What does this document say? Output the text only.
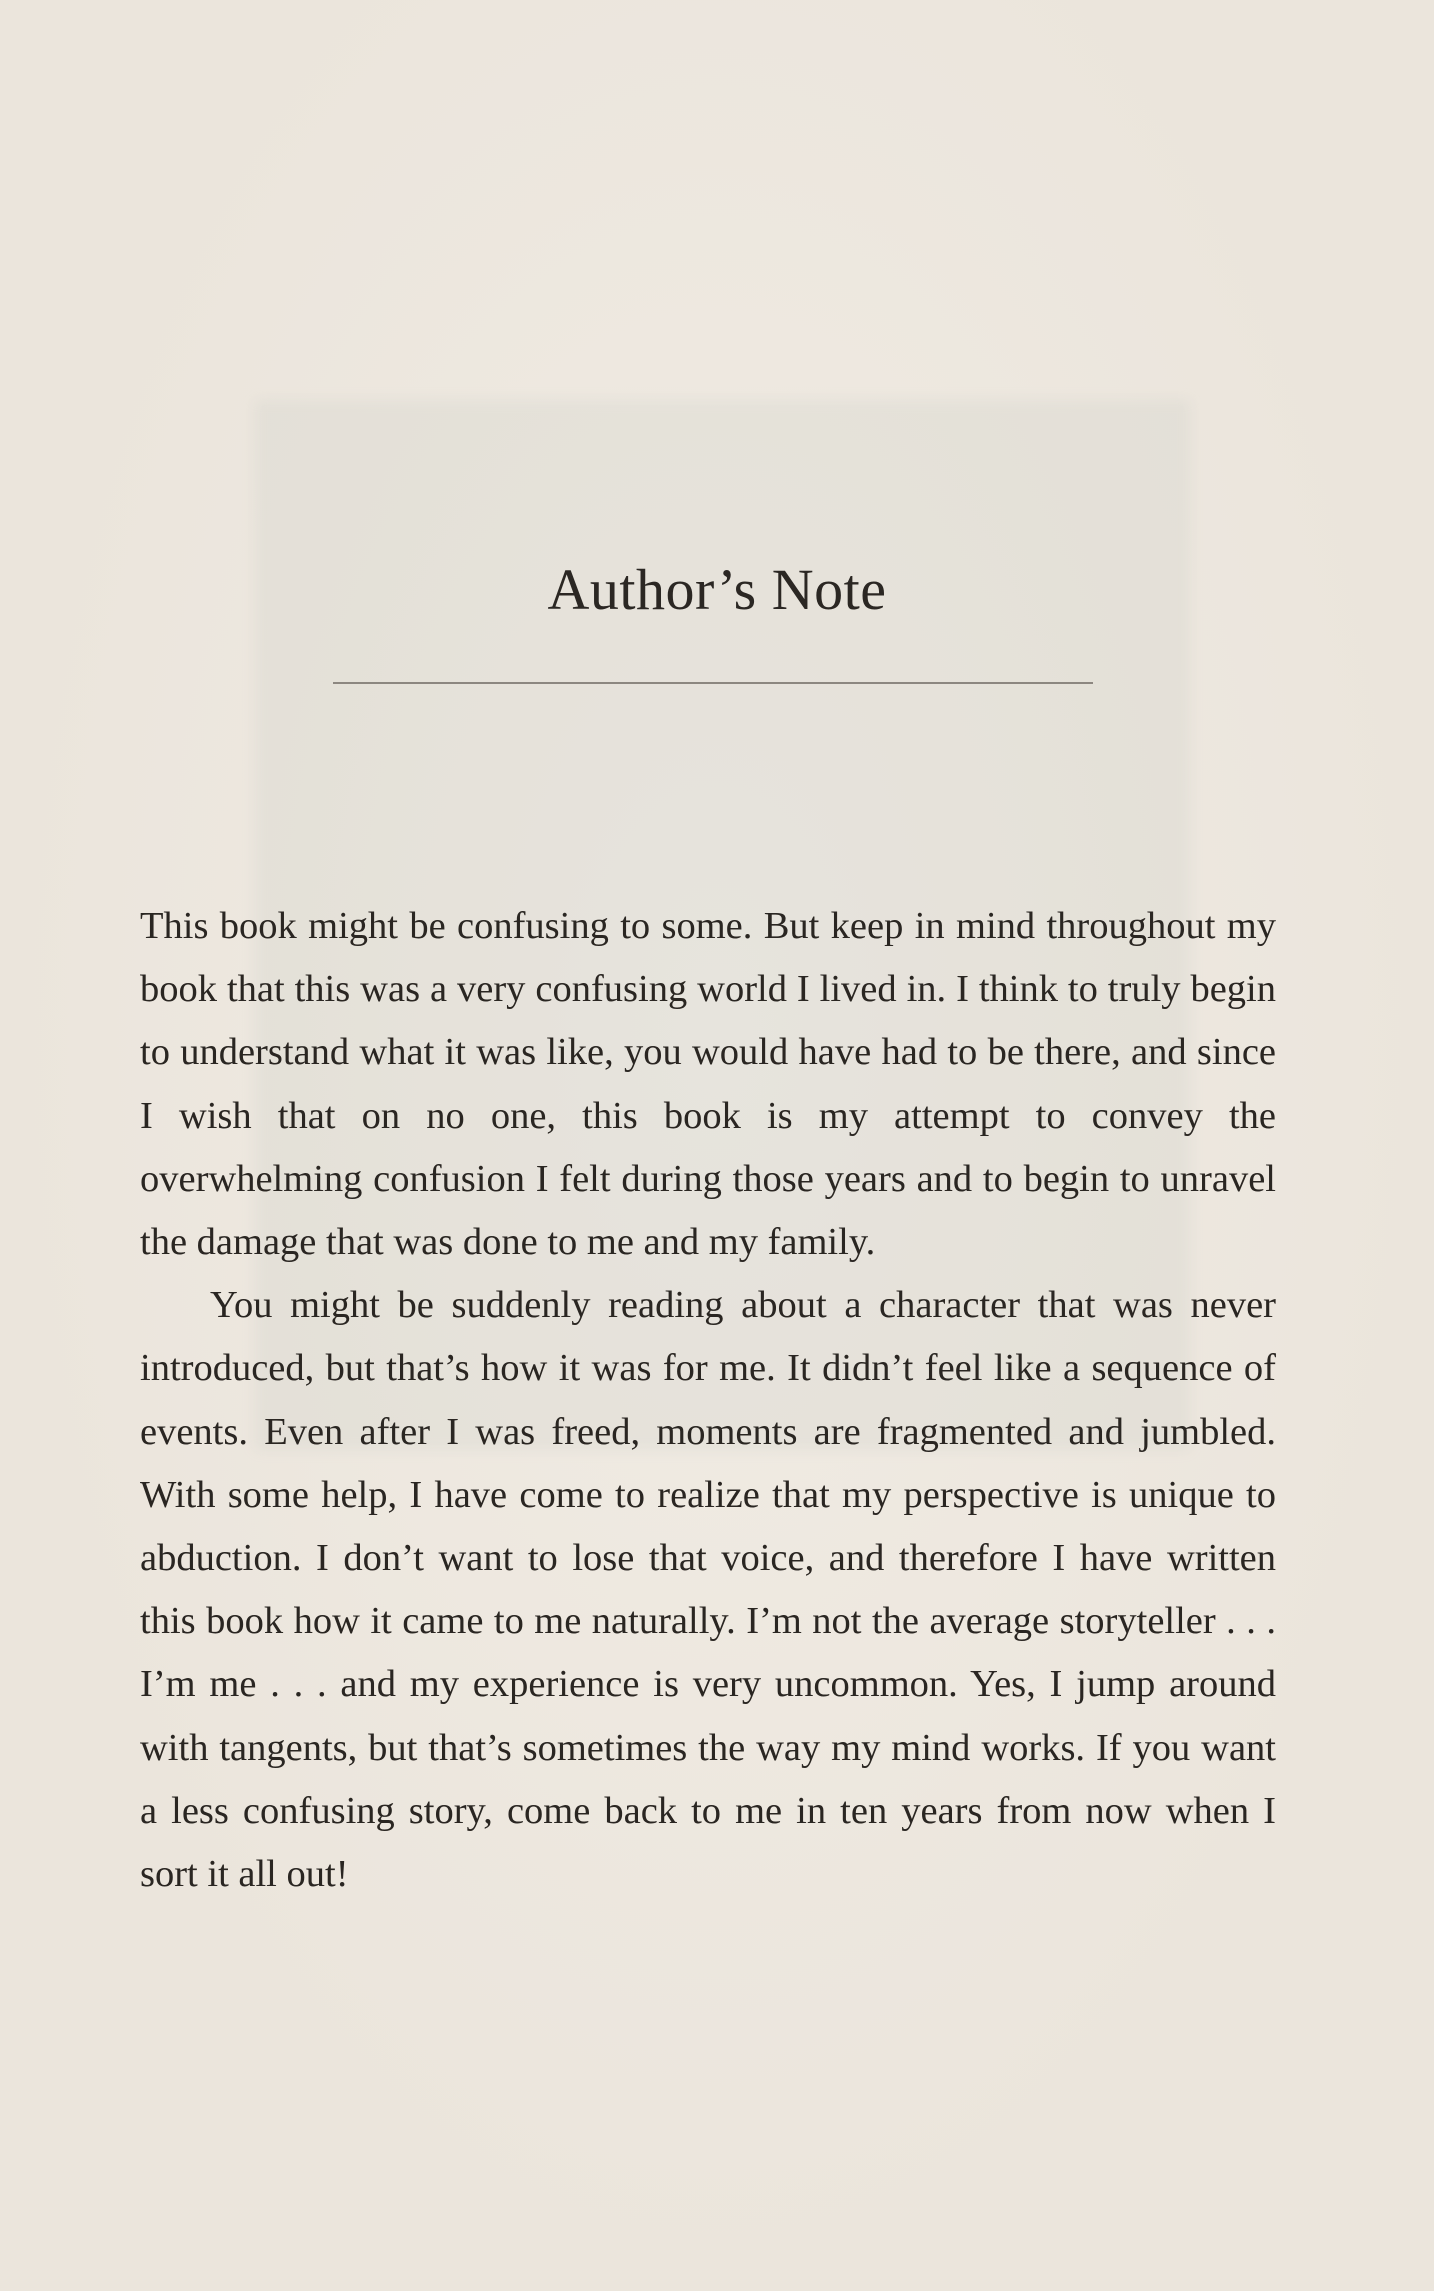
Author’s Note

This book might be confusing to some. But keep in mind throughout my book that this was a very confusing world I lived in. I think to truly begin to understand what it was like, you would have had to be there, and since I wish that on no one, this book is my attempt to convey the overwhelming confusion I felt during those years and to begin to unravel the damage that was done to me and my family.

You might be suddenly reading about a character that was never introduced, but that’s how it was for me. It didn’t feel like a sequence of events. Even after I was freed, moments are fragmented and jumbled. With some help, I have come to realize that my perspective is unique to abduction. I don’t want to lose that voice, and therefore I have written this book how it came to me naturally. I’m not the average storyteller . . . I’m me . . . and my experience is very uncommon. Yes, I jump around with tangents, but that’s sometimes the way my mind works. If you want a less confusing story, come back to me in ten years from now when I sort it all out!
